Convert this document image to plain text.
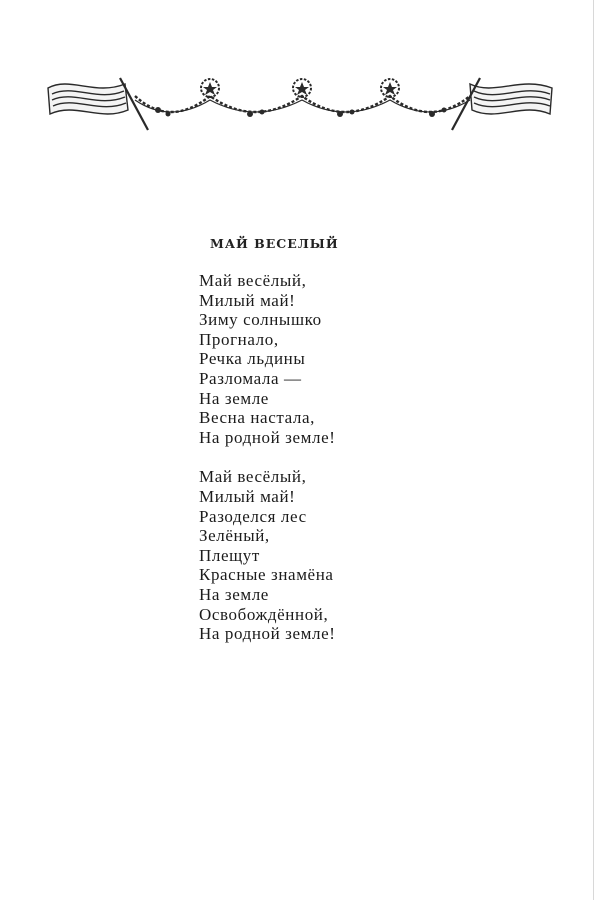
МАЙ ВЕСЕЛЫЙ
Май весёлый,
Милый май!
Зиму солнышко
Прогнало,
Речка льдины
Разломала —
На земле
Весна настала,
На родной земле!
Май весёлый,
Милый май!
Разоделся лес
Зелёный,
Плещут
Красные знамёна
На земле
Освобождённой,
На родной земле!
